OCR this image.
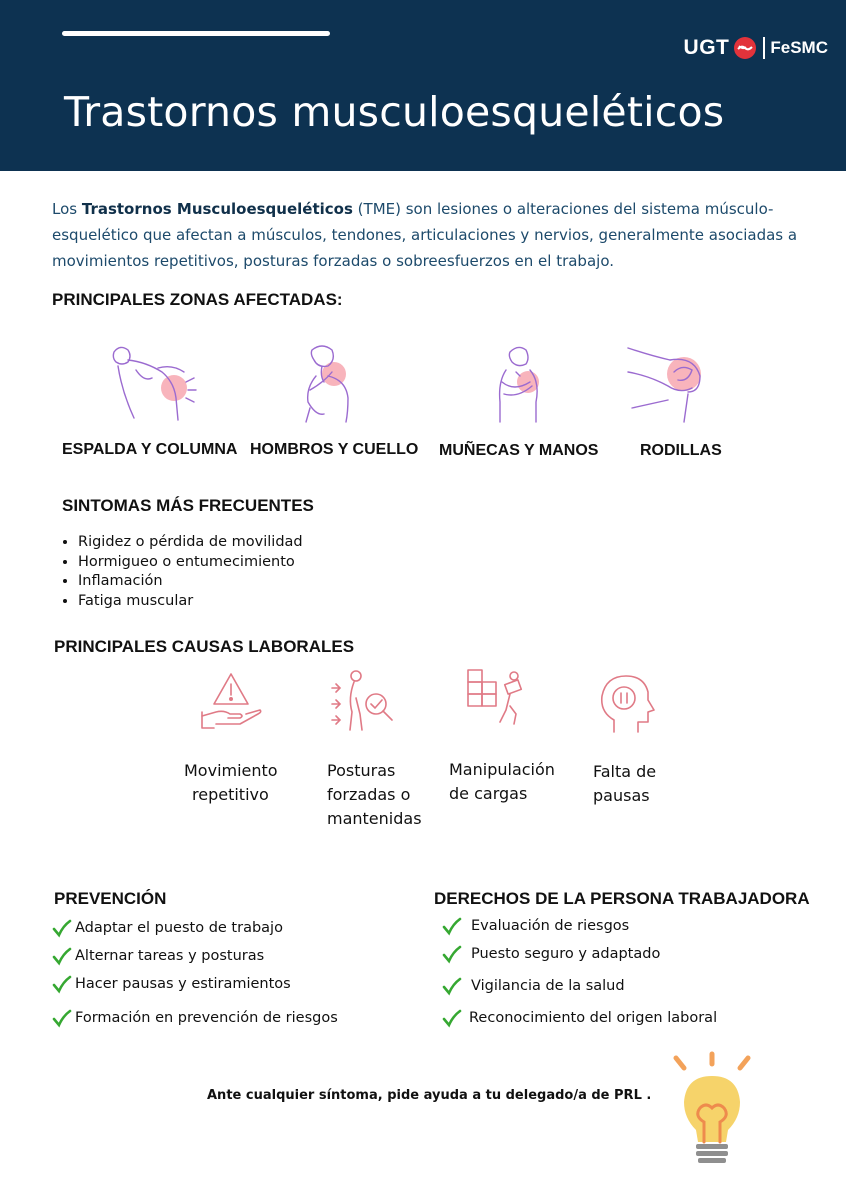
UGT FeSMC
Trastornos musculoesqueléticos

Los Trastornos Musculoesqueléticos (TME) son lesiones o alteraciones del sistema músculo-esquelético que afectan a músculos, tendones, articulaciones y nervios, generalmente asociadas a movimientos repetitivos, posturas forzadas o sobreesfuerzos en el trabajo.

PRINCIPALES ZONAS AFECTADAS:
ESPALDA Y COLUMNA HOMBROS Y CUELLO MUÑECAS Y MANOS	RODILLAS
SINTOMAS MÁS FRECUENTES
• Rigidez o pérdida de movilidad
• Hormigueo o entumecimiento
• Inflamación
• Fatiga muscular
PRINCIPALES CAUSAS LABORALES
Movimiento
repetitivo
Posturas
forzadas o
mantenidas
Manipulación
de cargas
Falta de
pausas
PREVENCIÓN
Adaptar el puesto de trabajo
Alternar tareas y posturas
Hacer pausas y estiramientos
Formación en prevención de riesgos
DERECHOS DE LA PERSONA TRABAJADORA
Evaluación de riesgos
Puesto seguro y adaptado
Vigilancia de la salud
Reconocimiento del origen laboral

Ante cualquier síntoma, pide ayuda a tu delegado/a de PRL .
